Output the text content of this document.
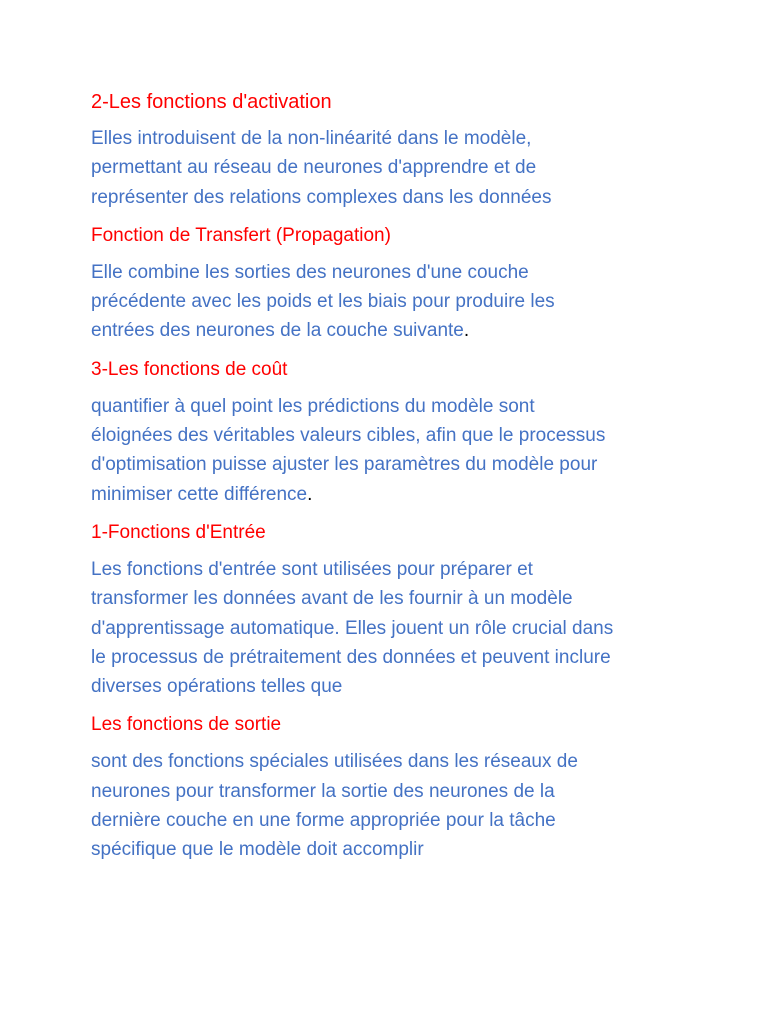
2-Les fonctions d'activation
Elles introduisent de la non-linéarité dans le modèle,
permettant au réseau de neurones d'apprendre et de
représenter des relations complexes dans les données
Fonction de Transfert (Propagation)
Elle combine les sorties des neurones d'une couche
précédente avec les poids et les biais pour produire les
entrées des neurones de la couche suivante.
3-Les fonctions de coût
quantifier à quel point les prédictions du modèle sont
éloignées des véritables valeurs cibles, afin que le processus
d'optimisation puisse ajuster les paramètres du modèle pour
minimiser cette différence.
1-Fonctions d'Entrée
Les fonctions d'entrée sont utilisées pour préparer et
transformer les données avant de les fournir à un modèle
d'apprentissage automatique. Elles jouent un rôle crucial dans
le processus de prétraitement des données et peuvent inclure
diverses opérations telles que
Les fonctions de sortie
sont des fonctions spéciales utilisées dans les réseaux de
neurones pour transformer la sortie des neurones de la
dernière couche en une forme appropriée pour la tâche
spécifique que le modèle doit accomplir
